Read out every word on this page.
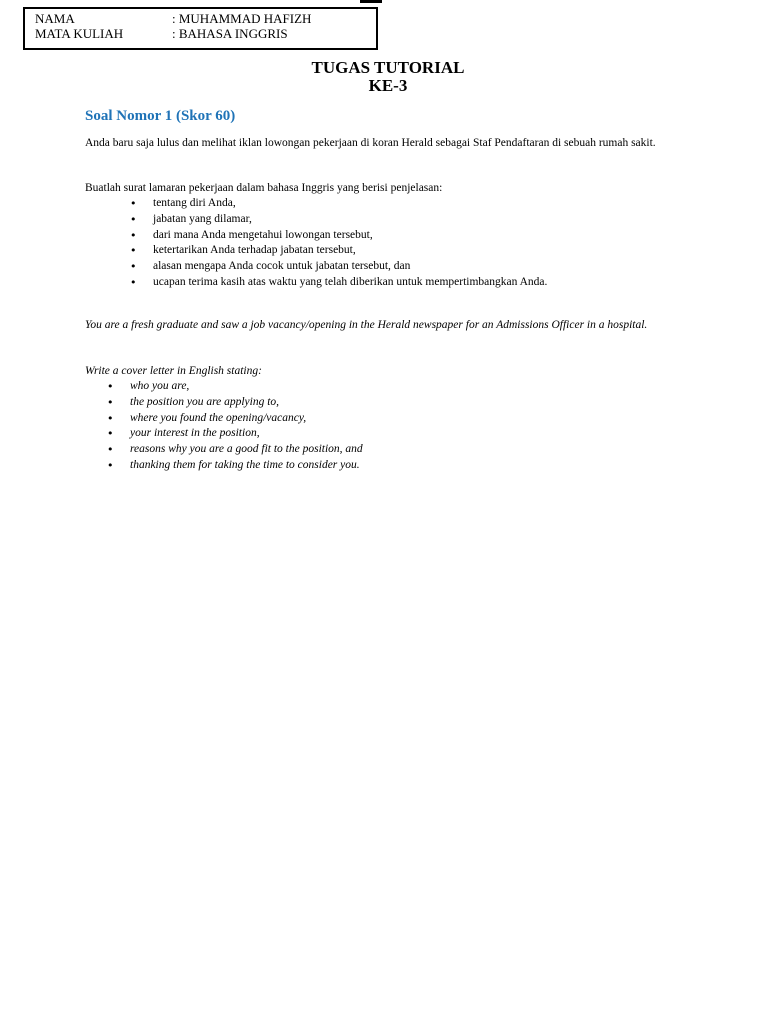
NAMA	: MUHAMMAD HAFIZH
MATA KULIAH	: BAHASA INGGRIS
TUGAS TUTORIAL
KE-3
Soal Nomor 1 (Skor 60)
Anda baru saja lulus dan melihat iklan lowongan pekerjaan di koran Herald sebagai Staf Pendaftaran di sebuah rumah sakit.
Buatlah surat lamaran pekerjaan dalam bahasa Inggris yang berisi penjelasan:
• tentang diri Anda,
• jabatan yang dilamar,
• dari mana Anda mengetahui lowongan tersebut,
• ketertarikan Anda terhadap jabatan tersebut,
• alasan mengapa Anda cocok untuk jabatan tersebut, dan
• ucapan terima kasih atas waktu yang telah diberikan untuk mempertimbangkan Anda.
You are a fresh graduate and saw a job vacancy/opening in the Herald newspaper for an Admissions Officer in a hospital.
Write a cover letter in English stating:
• who you are,
• the position you are applying to,
• where you found the opening/vacancy,
• your interest in the position,
• reasons why you are a good fit to the position, and
• thanking them for taking the time to consider you.
